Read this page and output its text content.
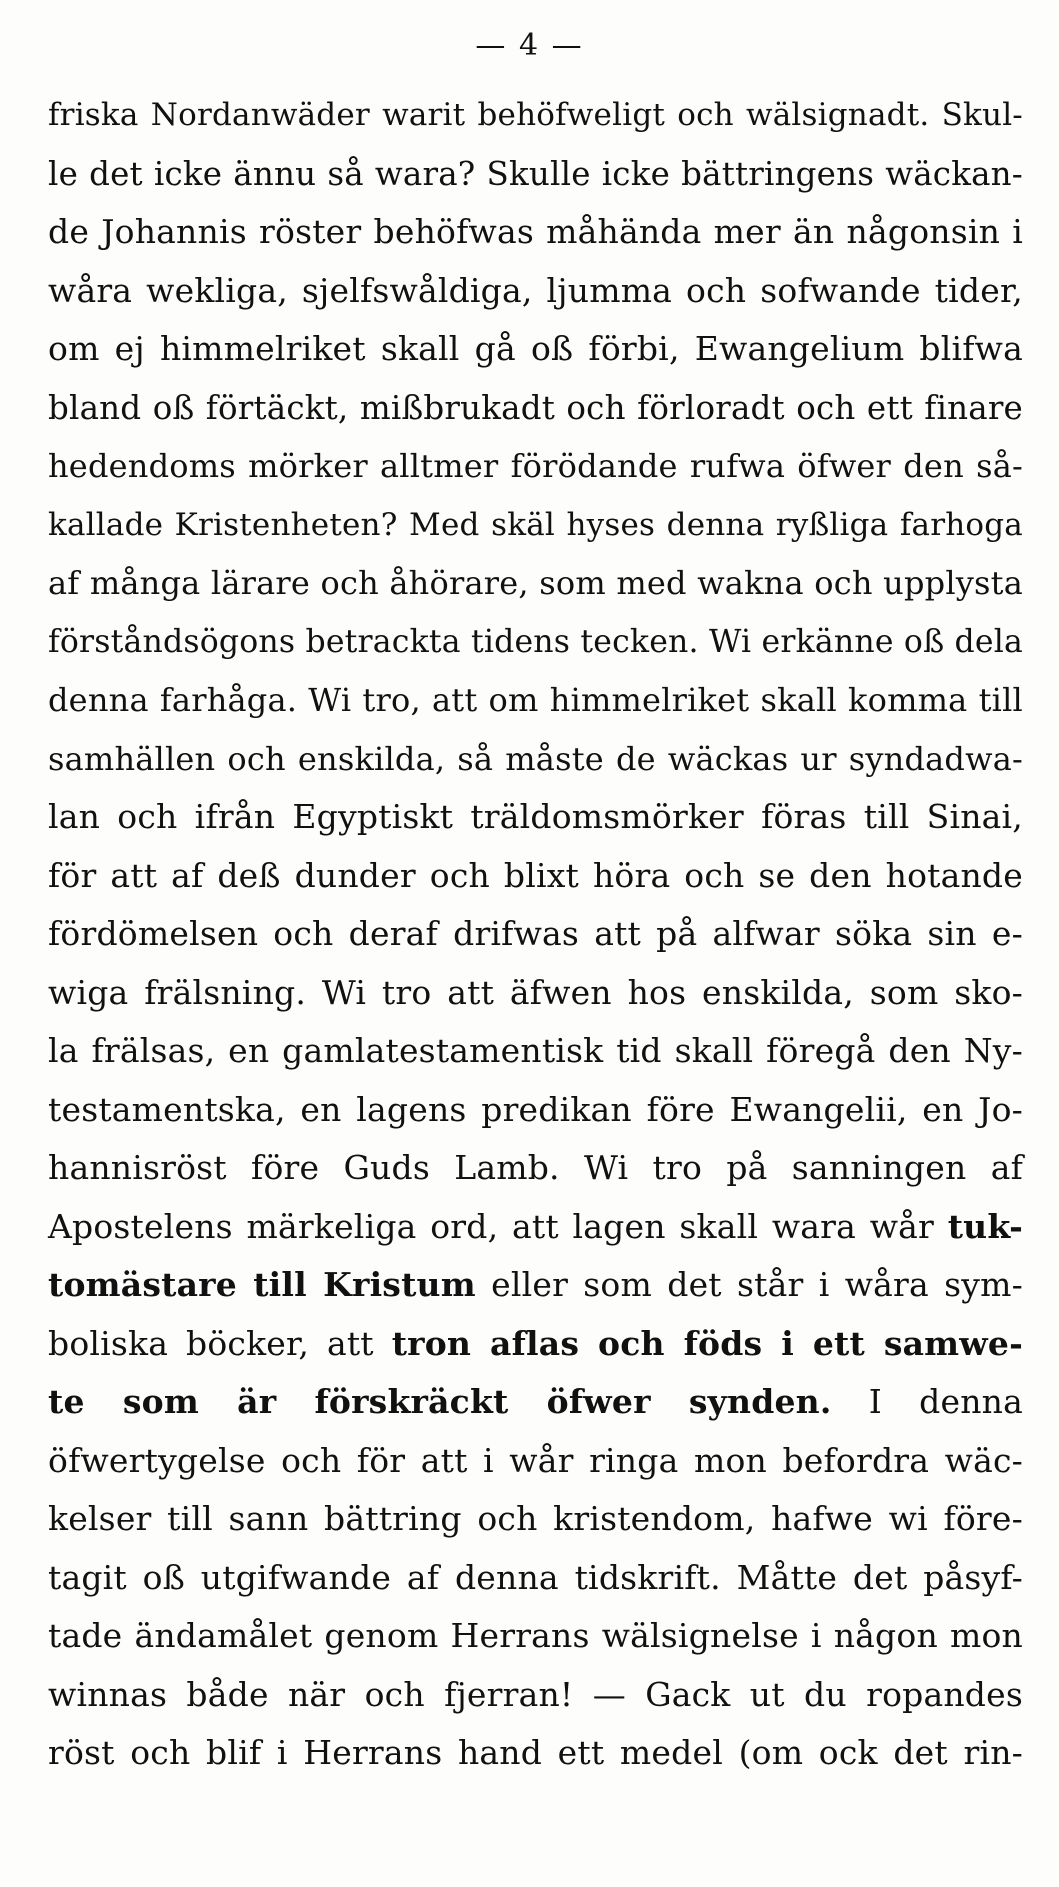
— 4 —
friska Nordanwäder warit behöfweligt och wälsignadt. Skul-
le det icke ännu så wara? Skulle icke bättringens wäckan-
de Johannis röster behöfwas måhända mer än någonsin i
wåra wekliga, sjelfswåldiga, ljumma och sofwande tider,
om ej himmelriket skall gå oß förbi, Ewangelium blifwa
bland oß förtäckt, mißbrukadt och förloradt och ett finare
hedendoms mörker alltmer förödande rufwa öfwer den så-
kallade Kristenheten? Med skäl hyses denna ryßliga farhoga
af många lärare och åhörare, som med wakna och upplysta
förståndsögons betrackta tidens tecken. Wi erkänne oß dela
denna farhåga. Wi tro, att om himmelriket skall komma till
samhällen och enskilda, så måste de wäckas ur syndadwa-
lan och ifrån Egyptiskt träldomsmörker föras till Sinai,
för att af deß dunder och blixt höra och se den hotande
fördömelsen och deraf drifwas att på alfwar söka sin e-
wiga frälsning. Wi tro att äfwen hos enskilda, som sko-
la frälsas, en gamlatestamentisk tid skall föregå den Ny-
testamentska, en lagens predikan före Ewangelii, en Jo-
hannisröst före Guds Lamb. Wi tro på sanningen af
Apostelens märkeliga ord, att lagen skall wara wår tuk-
tomästare till Kristum eller som det står i wåra sym-
boliska böcker, att tron aflas och föds i ett samwe-
te som är förskräckt öfwer synden. I denna
öfwertygelse och för att i wår ringa mon befordra wäc-
kelser till sann bättring och kristendom, hafwe wi före-
tagit oß utgifwande af denna tidskrift. Måtte det påsyf-
tade ändamålet genom Herrans wälsignelse i någon mon
winnas både när och fjerran! — Gack ut du ropandes
röst och blif i Herrans hand ett medel (om ock det rin-
